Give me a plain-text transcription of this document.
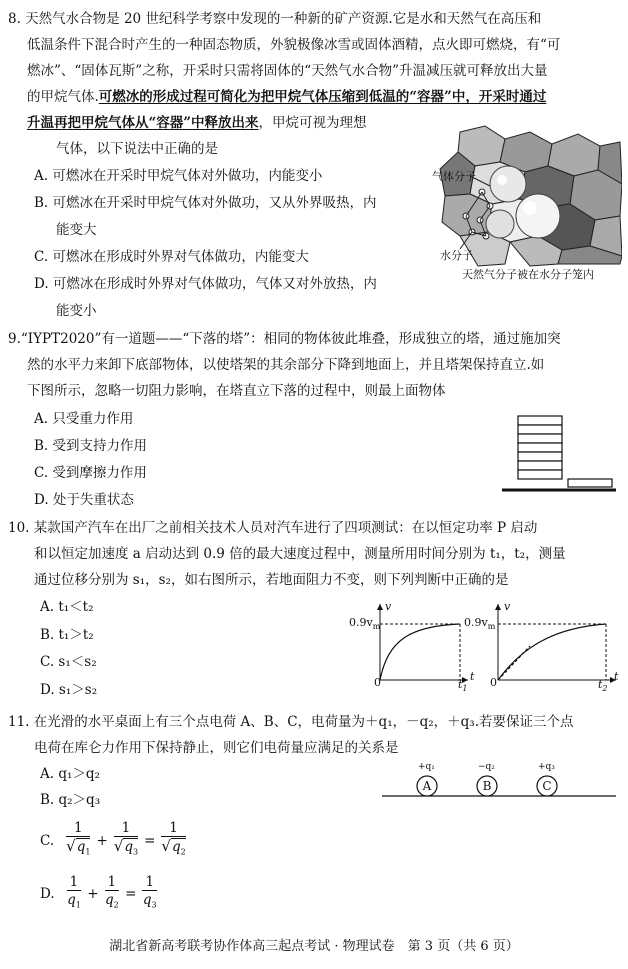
8. 天然气水合物是 20 世纪科学考察中发现的一种新的矿产资源.它是水和天然气在高压和
低温条件下混合时产生的一种固态物质，外貌极像冰雪或固体酒精，点火即可燃烧，有“可
燃冰”、“固体瓦斯”之称，开采时只需将固体的“天然气水合物”升温减压就可释放出大量
的甲烷气体.可燃冰的形成过程可简化为把甲烷气体压缩到低温的“容器”中，开采时通过
升温再把甲烷气体从“容器”中释放出来，甲烷可视为理想
气体，以下说法中正确的是
A. 可燃冰在开采时甲烷气体对外做功，内能变小
B. 可燃冰在开采时甲烷气体对外做功，又从外界吸热，内
能变大
C. 可燃冰在形成时外界对气体做功，内能变大
D. 可燃冰在形成时外界对气体做功，气体又对外放热，内
能变小
气体分子
水分子
天然气分子被在水分子笼内
9.“IYPT2020”有一道题——“下落的塔”：相同的物体彼此堆叠，形成独立的塔，通过施加突
然的水平力来卸下底部物体，以使塔架的其余部分下降到地面上，并且塔架保持直立.如
下图所示，忽略一切阻力影响，在塔直立下落的过程中，则最上面物体
A. 只受重力作用
B. 受到支持力作用
C. 受到摩擦力作用
D. 处于失重状态
10. 某款国产汽车在出厂之前相关技术人员对汽车进行了四项测试：在以恒定功率 P 启动
和以恒定加速度 a 启动达到 0.9 倍的最大速度过程中，测量所用时间分别为 t₁，t₂，测量
通过位移分别为 s₁，s₂，如右图所示，若地面阻力不变，则下列判断中正确的是
A. t₁＜t₂
B. t₁＞t₂
C. s₁＜s₂
D. s₁＞s₂
v
$0.9v_m$
0	$t_1$
t
v
$0.9v_m$
0	$t_2$
t
11. 在光滑的水平桌面上有三个点电荷 A、B、C，电荷量为＋q₁，－q₂，＋q₃.若要保证三个点
电荷在库仑力作用下保持静止，则它们电荷量应满足的关系是
A. q₁＞q₂
B. q₂＞q₃
C. $\frac{1}{√q_1} + \frac{1}{√q_3} = \frac{1}{√q_2}$
D. $\frac{1}{q_1} + \frac{1}{q_2} = \frac{1}{q_3}$
A	B	C
+q₁	−q₂	+q₃
湖北省新高考联考协作体高三起点考试 · 物理试卷　第 3 页（共 6 页）
